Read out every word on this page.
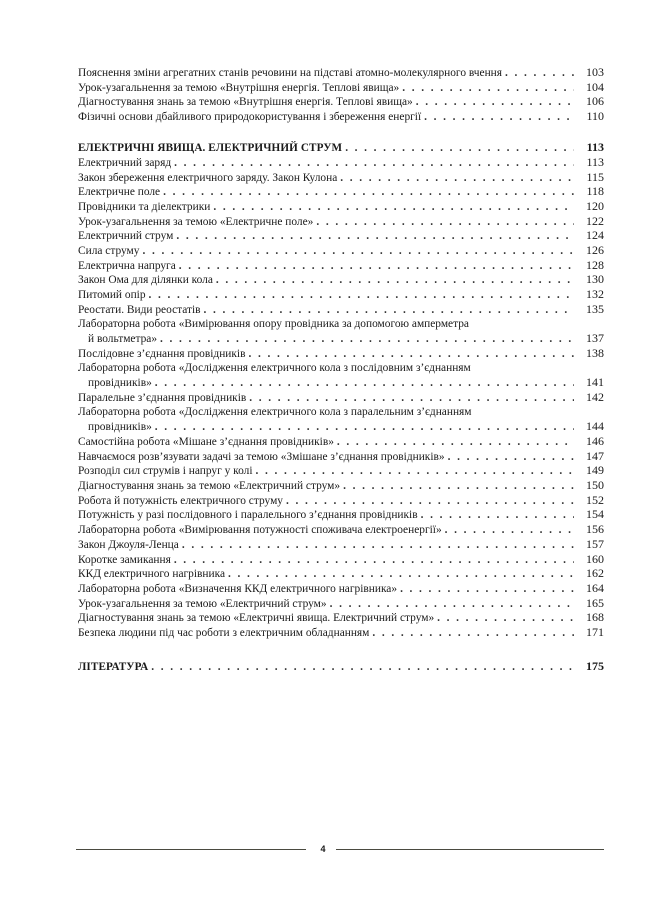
Пояснення зміни агрегатних станів речовини на підставі атомно-молекулярного вчення . . .	103
Урок-узагальнення за темою «Внутрішня енергія. Теплові явища» . . .	104
Діагностування знань за темою «Внутрішня енергія. Теплові явища» . . .	106
Фізичні основи дбайливого природокористування і збереження енергії . . .	110
ЕЛЕКТРИЧНІ ЯВИЩА. ЕЛЕКТРИЧНИЙ СТРУМ . . .	113
Електричний заряд . . .	113
Закон збереження електричного заряду. Закон Кулона . . .	115
Електричне поле . . .	118
Провідники та діелектрики . . .	120
Урок-узагальнення за темою «Електричне поле» . . .	122
Електричний струм . . .	124
Сила струму . . .	126
Електрична напруга . . .	128
Закон Ома для ділянки кола . . .	130
Питомий опір . . .	132
Реостати. Види реостатів . . .	135
Лабораторна робота «Вимірювання опору провідника за допомогою амперметра
й вольтметра» . . .	137
Послідовне з’єднання провідників . . .	138
Лабораторна робота «Дослідження електричного кола з послідовним з’єднанням
провідників» . . .	141
Паралельне з’єднання провідників . . .	142
Лабораторна робота «Дослідження електричного кола з паралельним з’єднанням
провідників» . . .	144
Самостійна робота «Мішане з’єднання провідників» . . .	146
Навчаємося розв’язувати задачі за темою «Змішане з’єднання провідників» . . .	147
Розподіл сил струмів і напруг у колі . . .	149
Діагностування знань за темою «Електричний струм» . . .	150
Робота й потужність електричного струму . . .	152
Потужність у разі послідовного і паралельного з’єднання провідників . . .	154
Лабораторна робота «Вимірювання потужності споживача електроенергії» . . .	156
Закон Джоуля-Ленца . . .	157
Коротке замикання . . .	160
ККД електричного нагрівника . . .	162
Лабораторна робота «Визначення ККД електричного нагрівника» . . .	164
Урок-узагальнення за темою «Електричний струм» . . .	165
Діагностування знань за темою «Електричні явища. Електричний струм» . . .	168
Безпека людини під час роботи з електричним обладнанням . . .	171
ЛІТЕРАТУРА . . .	175
4
